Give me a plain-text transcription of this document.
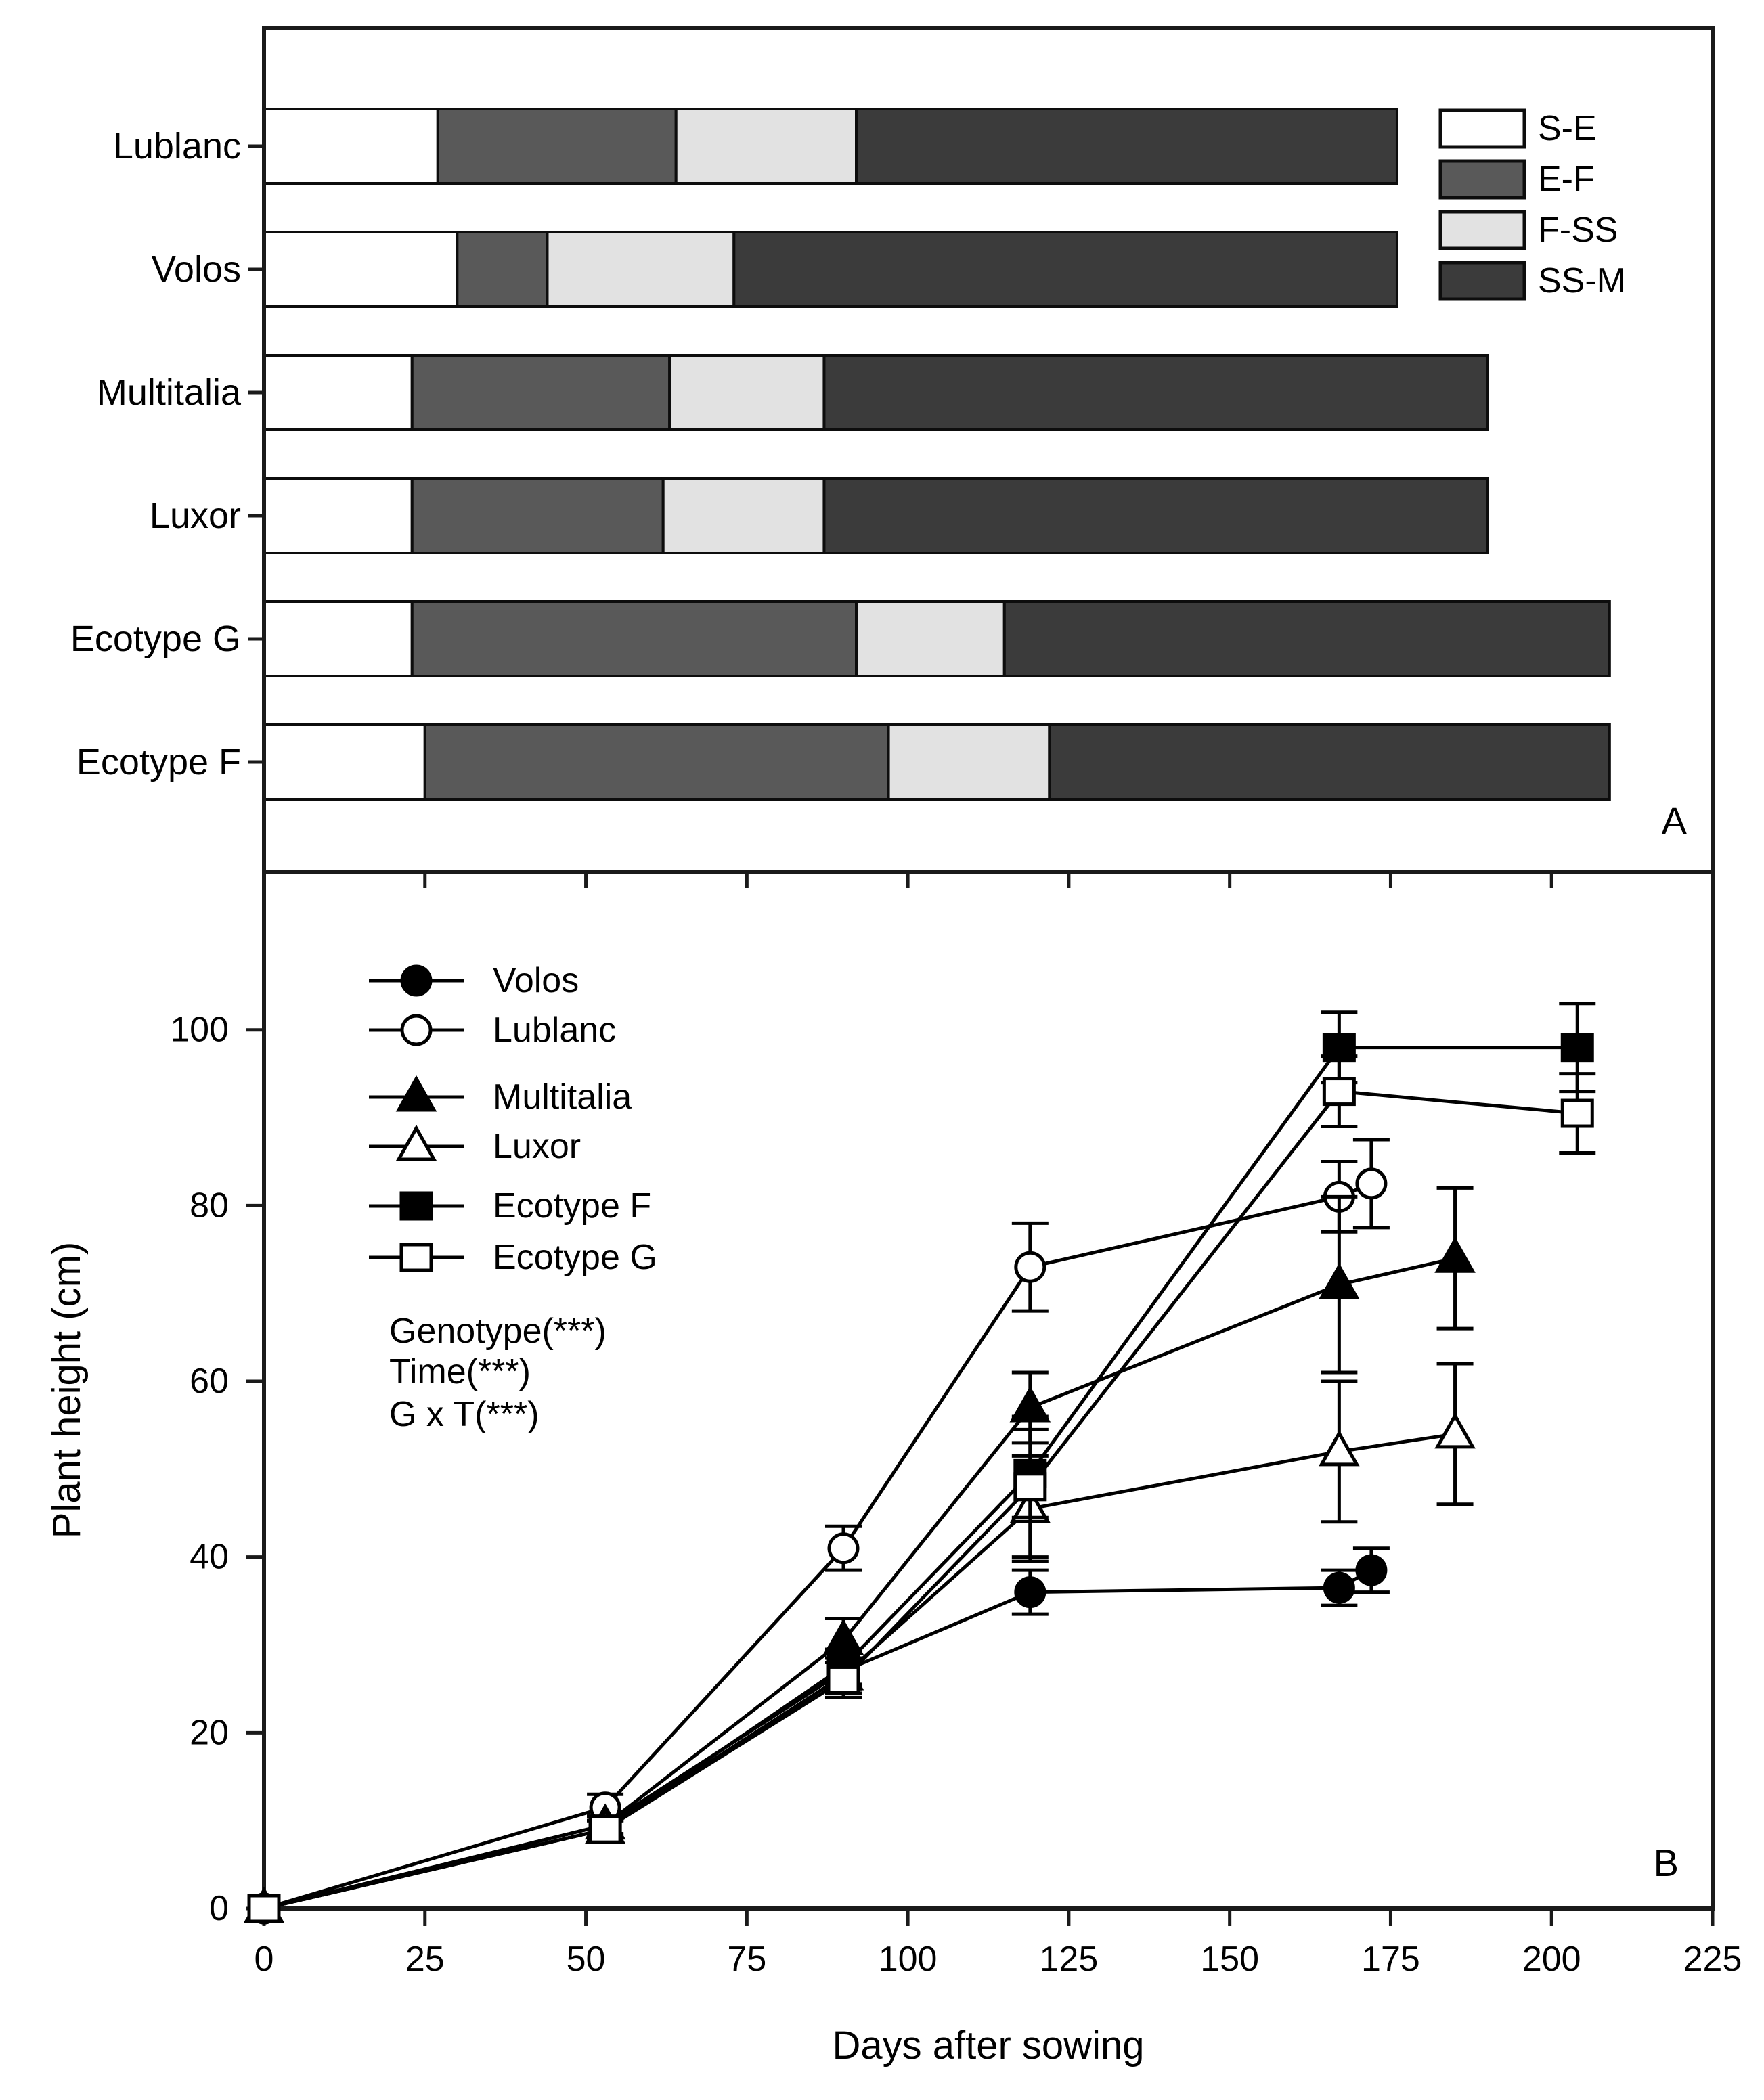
Lublanc
Volos
Multitalia
Luxor
Ecotype G
Ecotype F
S-E
E-F
F-SS
SS-M
A
0	25	50	75	100	125	150	175	200	225
Days after sowing
0
20
40
60
80
100
Plant height (cm)
Volos
Lublanc
Multitalia
Luxor
Ecotype F
Ecotype G
Genotype(***)
Time(***)
G x T(***)
B
